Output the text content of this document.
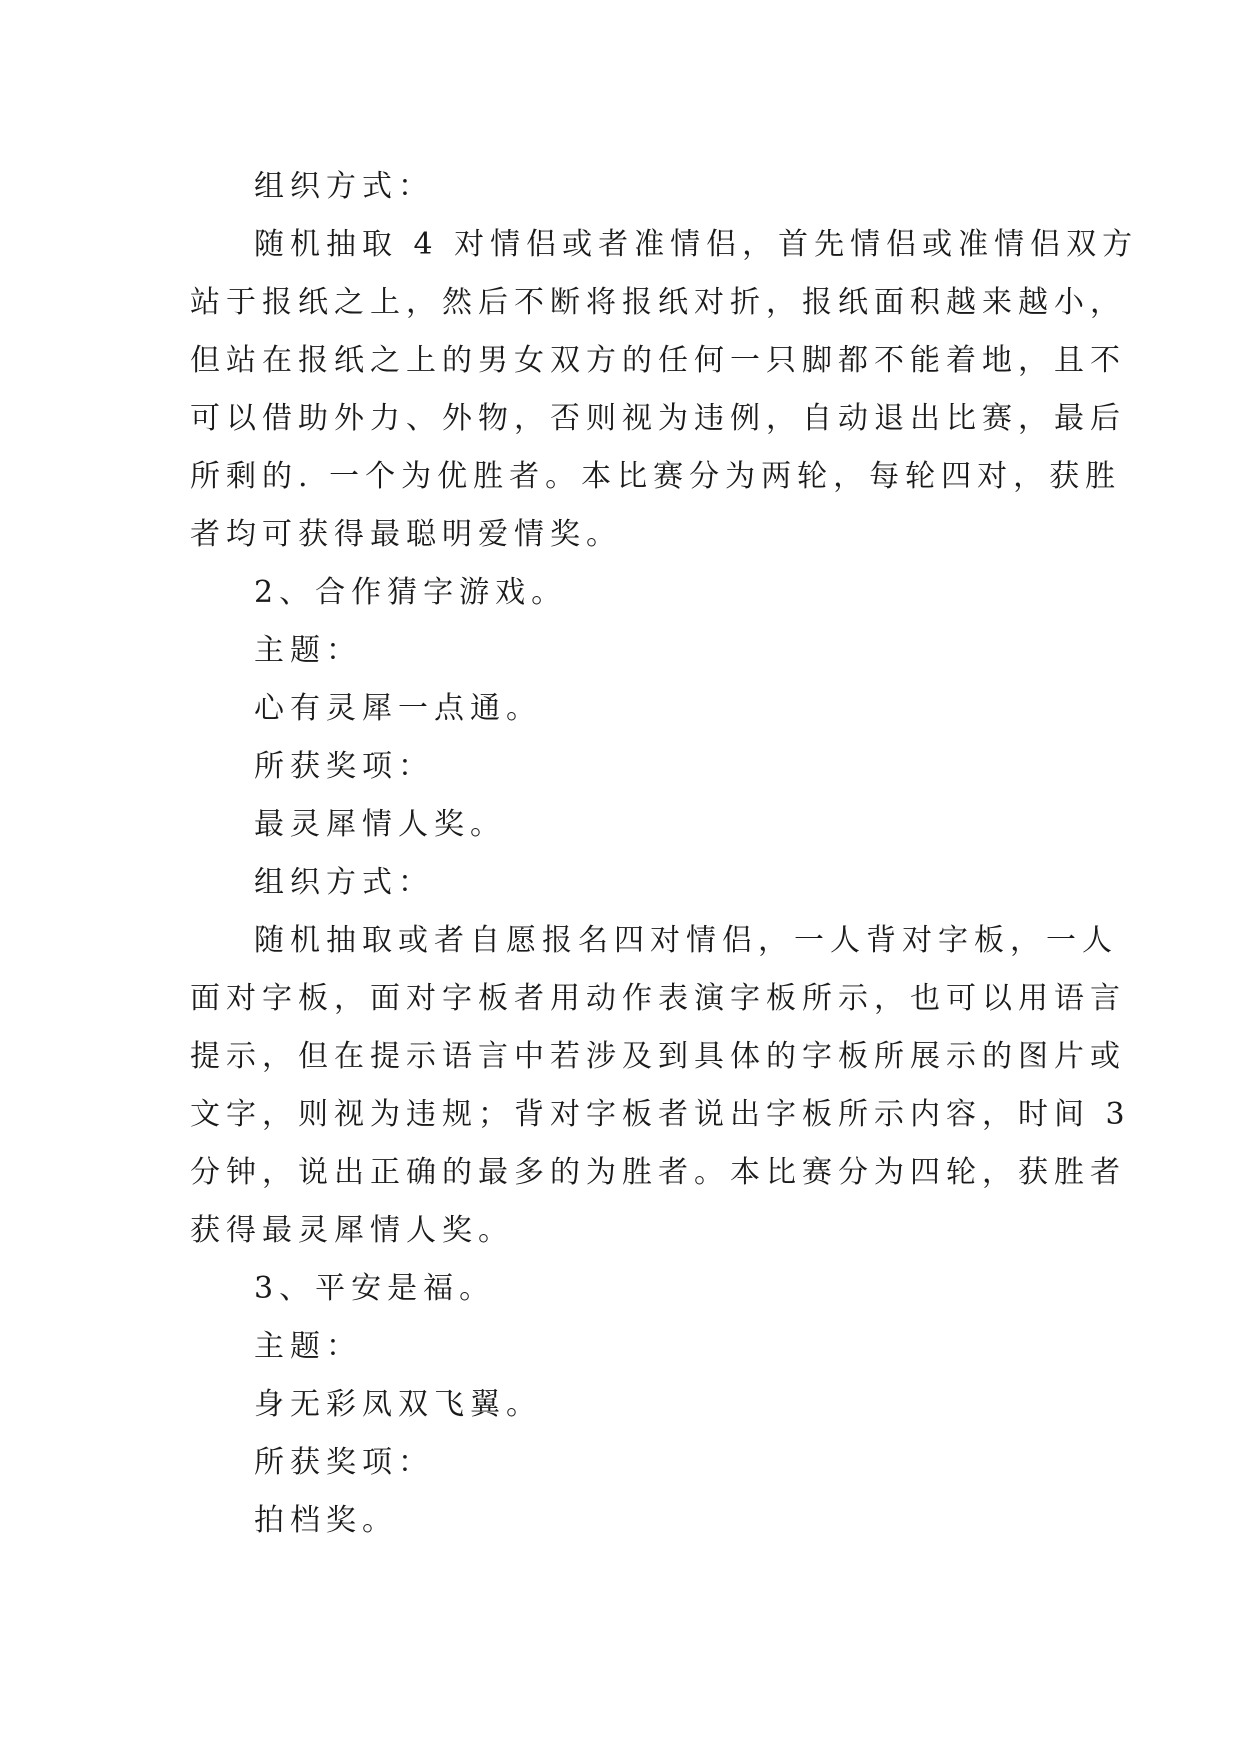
组织方式：
随机抽取 4 对情侣或者准情侣，首先情侣或准情侣双方
站于报纸之上，然后不断将报纸对折，报纸面积越来越小，
但站在报纸之上的男女双方的任何一只脚都不能着地，且不
可以借助外力、外物，否则视为违例，自动退出比赛，最后
所剩的. 一个为优胜者。本比赛分为两轮，每轮四对，获胜
者均可获得最聪明爱情奖。
2、合作猜字游戏。
主题：
心有灵犀一点通。
所获奖项：
最灵犀情人奖。
组织方式：
随机抽取或者自愿报名四对情侣，一人背对字板，一人
面对字板，面对字板者用动作表演字板所示，也可以用语言
提示，但在提示语言中若涉及到具体的字板所展示的图片或
文字，则视为违规；背对字板者说出字板所示内容，时间 3
分钟，说出正确的最多的为胜者。本比赛分为四轮，获胜者
获得最灵犀情人奖。
3、平安是福。
主题：
身无彩凤双飞翼。
所获奖项：
拍档奖。
